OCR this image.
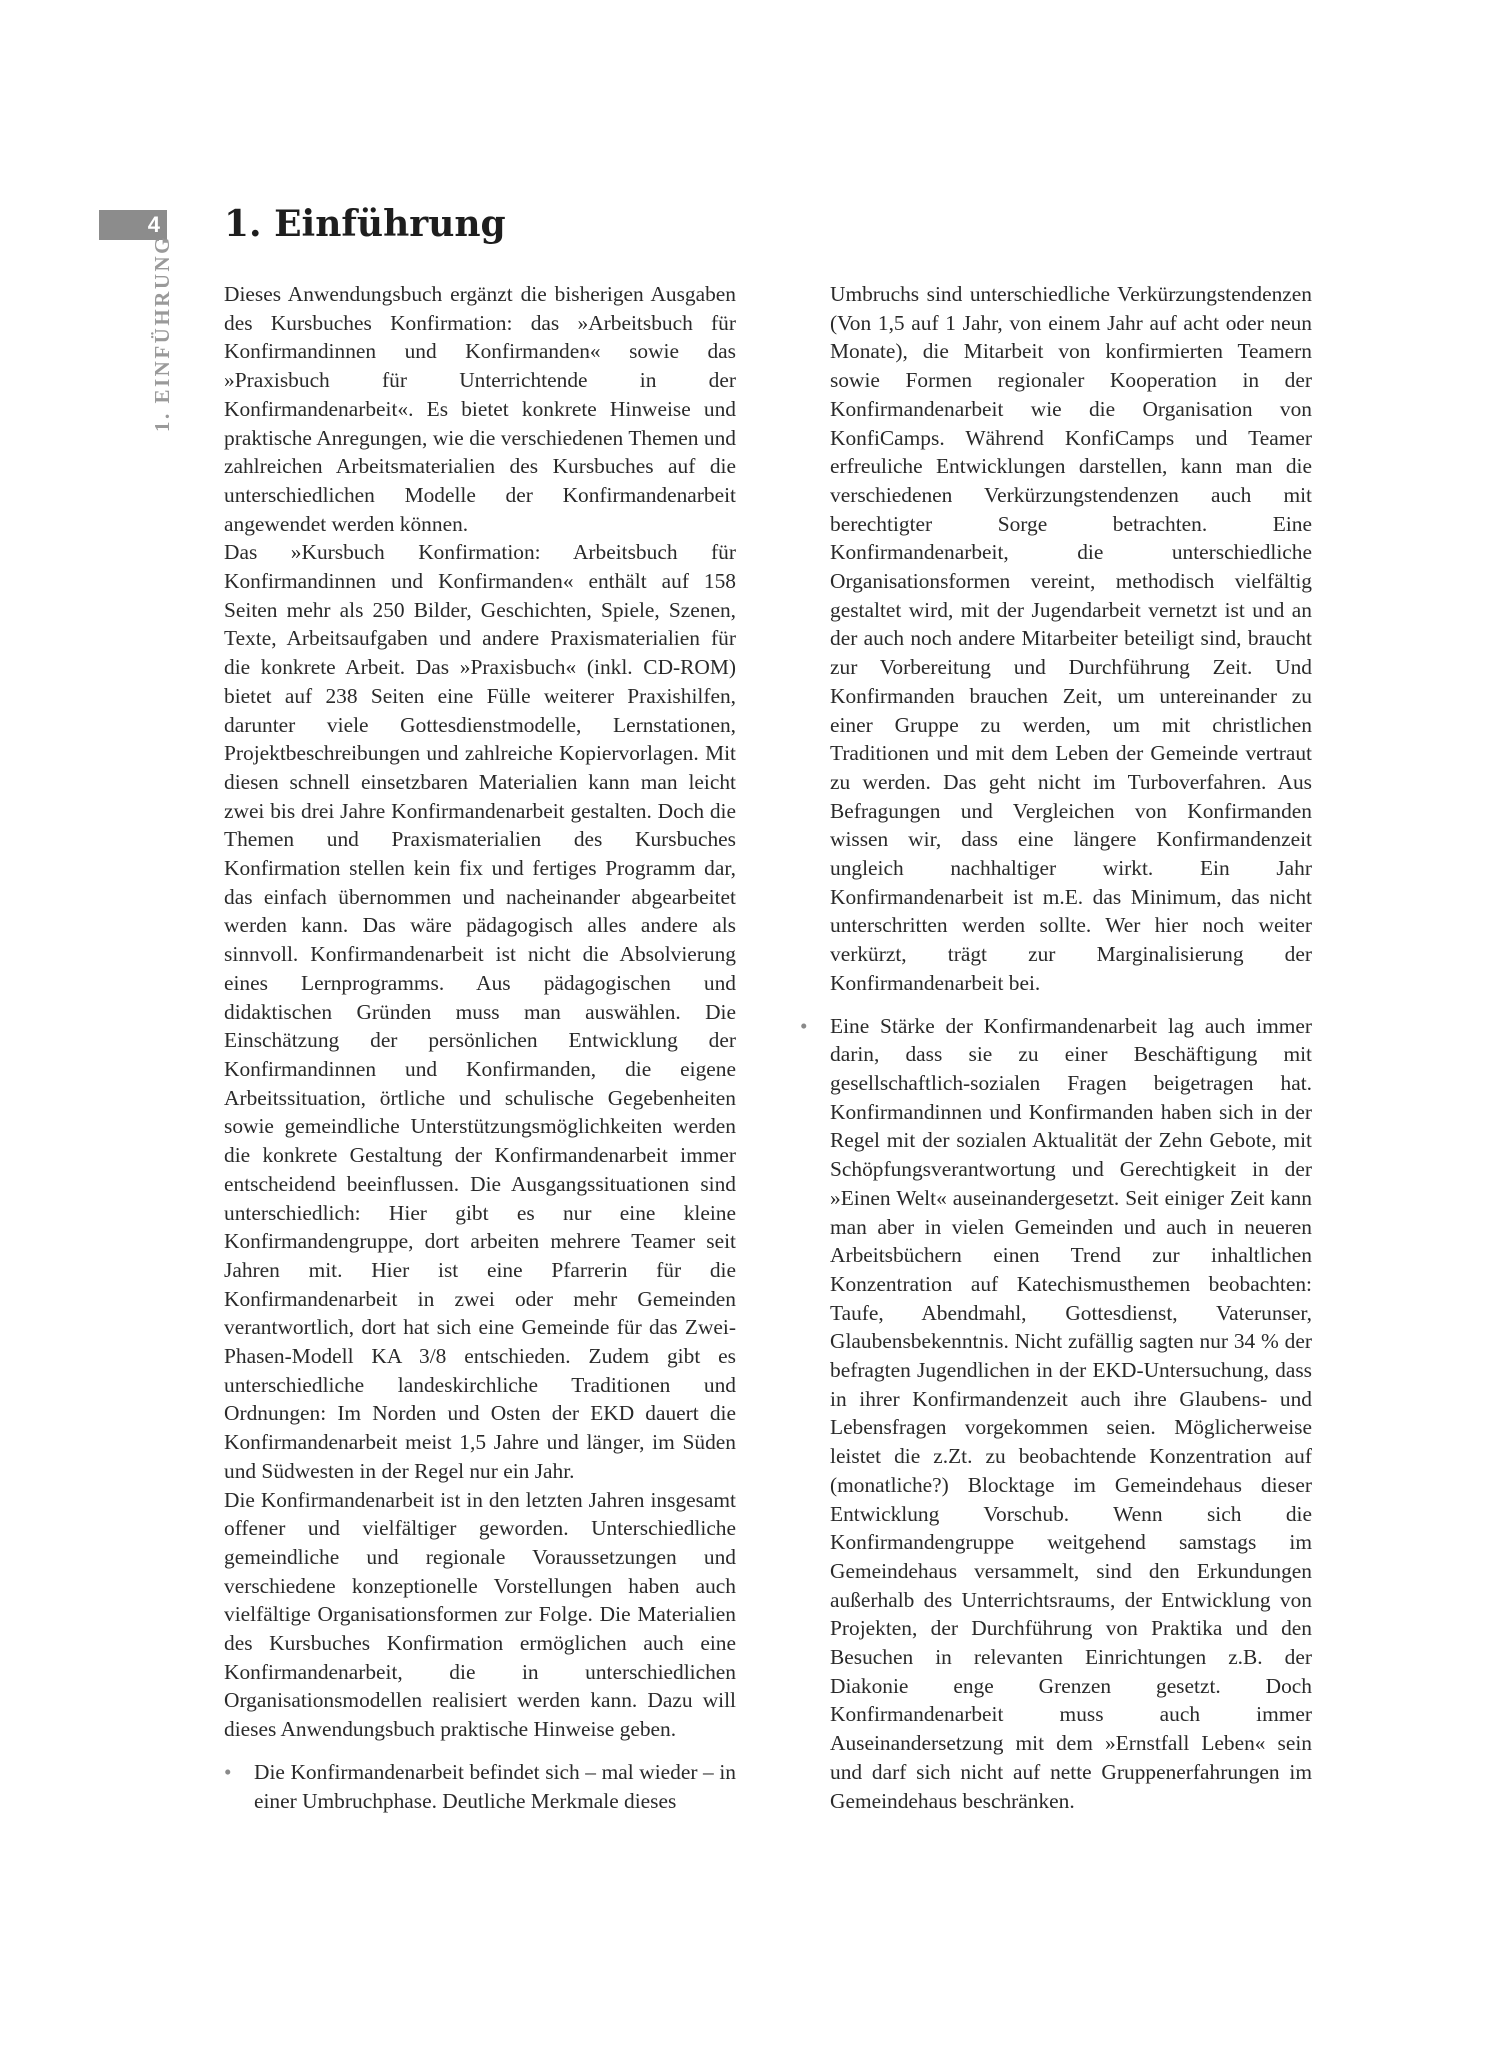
4
1. EINFÜHRUNG
1. Einführung

Dieses Anwendungsbuch ergänzt die bisherigen Ausgaben des Kursbuches Konfirmation: das »Arbeitsbuch für Konfirmandinnen und Konfirmanden« sowie das »Praxisbuch für Unterrichtende in der Konfirmandenarbeit«. Es bietet konkrete Hinweise und praktische Anregungen, wie die verschiedenen Themen und zahlreichen Arbeitsmaterialien des Kursbuches auf die unterschiedlichen Modelle der Konfirmandenarbeit angewendet werden können.

Das »Kursbuch Konfirmation: Arbeitsbuch für Konfirmandinnen und Konfirmanden« enthält auf 158 Seiten mehr als 250 Bilder, Geschichten, Spiele, Szenen, Texte, Arbeitsaufgaben und andere Praxismaterialien für die konkrete Arbeit. Das »Praxisbuch« (inkl. CD-ROM) bietet auf 238 Seiten eine Fülle weiterer Praxishilfen, darunter viele Gottesdienstmodelle, Lernstationen, Projektbeschreibungen und zahlreiche Kopiervorlagen. Mit diesen schnell einsetzbaren Materialien kann man leicht zwei bis drei Jahre Konfirmandenarbeit gestalten. Doch die Themen und Praxismaterialien des Kursbuches Konfirmation stellen kein fix und fertiges Programm dar, das einfach übernommen und nacheinander abgearbeitet werden kann. Das wäre pädagogisch alles andere als sinnvoll. Konfirmandenarbeit ist nicht die Absolvierung eines Lernprogramms. Aus pädagogischen und didaktischen Gründen muss man auswählen. Die Einschätzung der persönlichen Entwicklung der Konfirmandinnen und Konfirmanden, die eigene Arbeitssituation, örtliche und schulische Gegebenheiten sowie gemeindliche Unterstützungsmöglichkeiten werden die konkrete Gestaltung der Konfirmandenarbeit immer entscheidend beeinflussen. Die Ausgangssituationen sind unterschiedlich: Hier gibt es nur eine kleine Konfirmandengruppe, dort arbeiten mehrere Teamer seit Jahren mit. Hier ist eine Pfarrerin für die Konfirmandenarbeit in zwei oder mehr Gemeinden verantwortlich, dort hat sich eine Gemeinde für das Zwei-Phasen-Modell KA 3/8 entschieden. Zudem gibt es unterschiedliche landeskirchliche Traditionen und Ordnungen: Im Norden und Osten der EKD dauert die Konfirmandenarbeit meist 1,5 Jahre und länger, im Süden und Südwesten in der Regel nur ein Jahr.

Die Konfirmandenarbeit ist in den letzten Jahren insgesamt offener und vielfältiger geworden. Unterschiedliche gemeindliche und regionale Voraussetzungen und verschiedene konzeptionelle Vorstellungen haben auch vielfältige Organisationsformen zur Folge. Die Materialien des Kursbuches Konfirmation ermöglichen auch eine Konfirmandenarbeit, die in unterschiedlichen Organisationsmodellen realisiert werden kann. Dazu will dieses Anwendungsbuch praktische Hinweise geben.

• Die Konfirmandenarbeit befindet sich – mal wieder – in einer Umbruchphase. Deutliche Merkmale dieses
Umbruchs sind unterschiedliche Verkürzungstendenzen (Von 1,5 auf 1 Jahr, von einem Jahr auf acht oder neun Monate), die Mitarbeit von konfirmierten Teamern sowie Formen regionaler Kooperation in der Konfirmandenarbeit wie die Organisation von KonfiCamps. Während KonfiCamps und Teamer erfreuliche Entwicklungen darstellen, kann man die verschiedenen Verkürzungstendenzen auch mit berechtigter Sorge betrachten. Eine Konfirmandenarbeit, die unterschiedliche Organisationsformen vereint, methodisch vielfältig gestaltet wird, mit der Jugendarbeit vernetzt ist und an der auch noch andere Mitarbeiter beteiligt sind, braucht zur Vorbereitung und Durchführung Zeit. Und Konfirmanden brauchen Zeit, um untereinander zu einer Gruppe zu werden, um mit christlichen Traditionen und mit dem Leben der Gemeinde vertraut zu werden. Das geht nicht im Turboverfahren. Aus Befragungen und Vergleichen von Konfirmanden wissen wir, dass eine längere Konfirmandenzeit ungleich nachhaltiger wirkt. Ein Jahr Konfirmandenarbeit ist m.E. das Minimum, das nicht unterschritten werden sollte. Wer hier noch weiter verkürzt, trägt zur Marginalisierung der Konfirmandenarbeit bei.
• Eine Stärke der Konfirmandenarbeit lag auch immer darin, dass sie zu einer Beschäftigung mit gesellschaftlich-sozialen Fragen beigetragen hat. Konfirmandinnen und Konfirmanden haben sich in der Regel mit der sozialen Aktualität der Zehn Gebote, mit Schöpfungsverantwortung und Gerechtigkeit in der »Einen Welt« auseinandergesetzt. Seit einiger Zeit kann man aber in vielen Gemeinden und auch in neueren Arbeitsbüchern einen Trend zur inhaltlichen Konzentration auf Katechismusthemen beobachten: Taufe, Abendmahl, Gottesdienst, Vaterunser, Glaubensbekenntnis. Nicht zufällig sagten nur 34 % der befragten Jugendlichen in der EKD-Untersuchung, dass in ihrer Konfirmandenzeit auch ihre Glaubens- und Lebensfragen vorgekommen seien. Möglicherweise leistet die z.Zt. zu beobachtende Konzentration auf (monatliche?) Blocktage im Gemeindehaus dieser Entwicklung Vorschub. Wenn sich die Konfirmandengruppe weitgehend samstags im Gemeindehaus versammelt, sind den Erkundungen außerhalb des Unterrichtsraums, der Entwicklung von Projekten, der Durchführung von Praktika und den Besuchen in relevanten Einrichtungen z.B. der Diakonie enge Grenzen gesetzt. Doch Konfirmandenarbeit muss auch immer Auseinandersetzung mit dem »Ernstfall Leben« sein und darf sich nicht auf nette Gruppenerfahrungen im Gemeindehaus beschränken.
